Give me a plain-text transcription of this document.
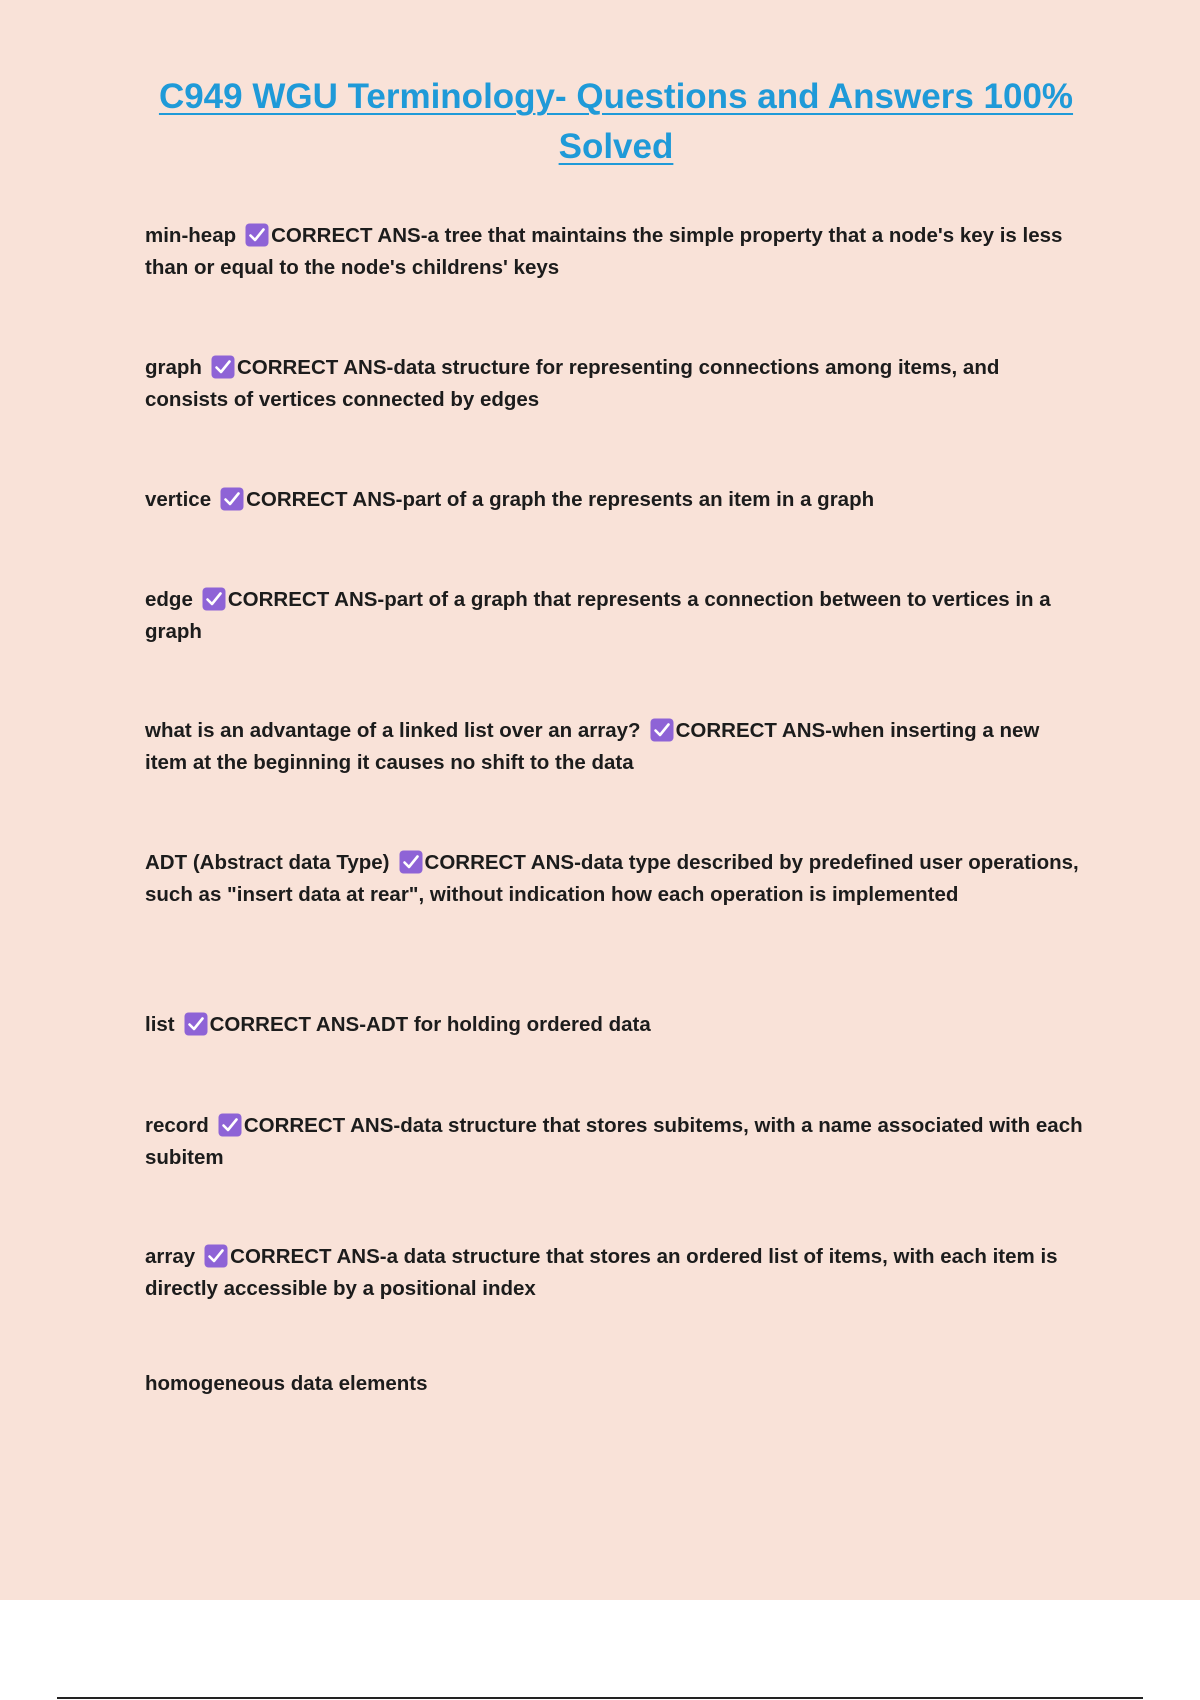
C949 WGU Terminology- Questions and Answers 100% Solved
min-heap CORRECT ANS-a tree that maintains the simple property that a node's key is less than or equal to the node's childrens' keys
graph CORRECT ANS-data structure for representing connections among items, and consists of vertices connected by edges
vertice CORRECT ANS-part of a graph the represents an item in a graph
edge CORRECT ANS-part of a graph that represents a connection between to vertices in a graph
what is an advantage of a linked list over an array? CORRECT ANS-when inserting a new item at the beginning it causes no shift to the data
ADT (Abstract data Type) CORRECT ANS-data type described by predefined user operations, such as "insert data at rear", without indication how each operation is implemented
list CORRECT ANS-ADT for holding ordered data
record CORRECT ANS-data structure that stores subitems, with a name associated with each subitem
array CORRECT ANS-a data structure that stores an ordered list of items, with each item is directly accessible by a positional index
homogeneous data elements
